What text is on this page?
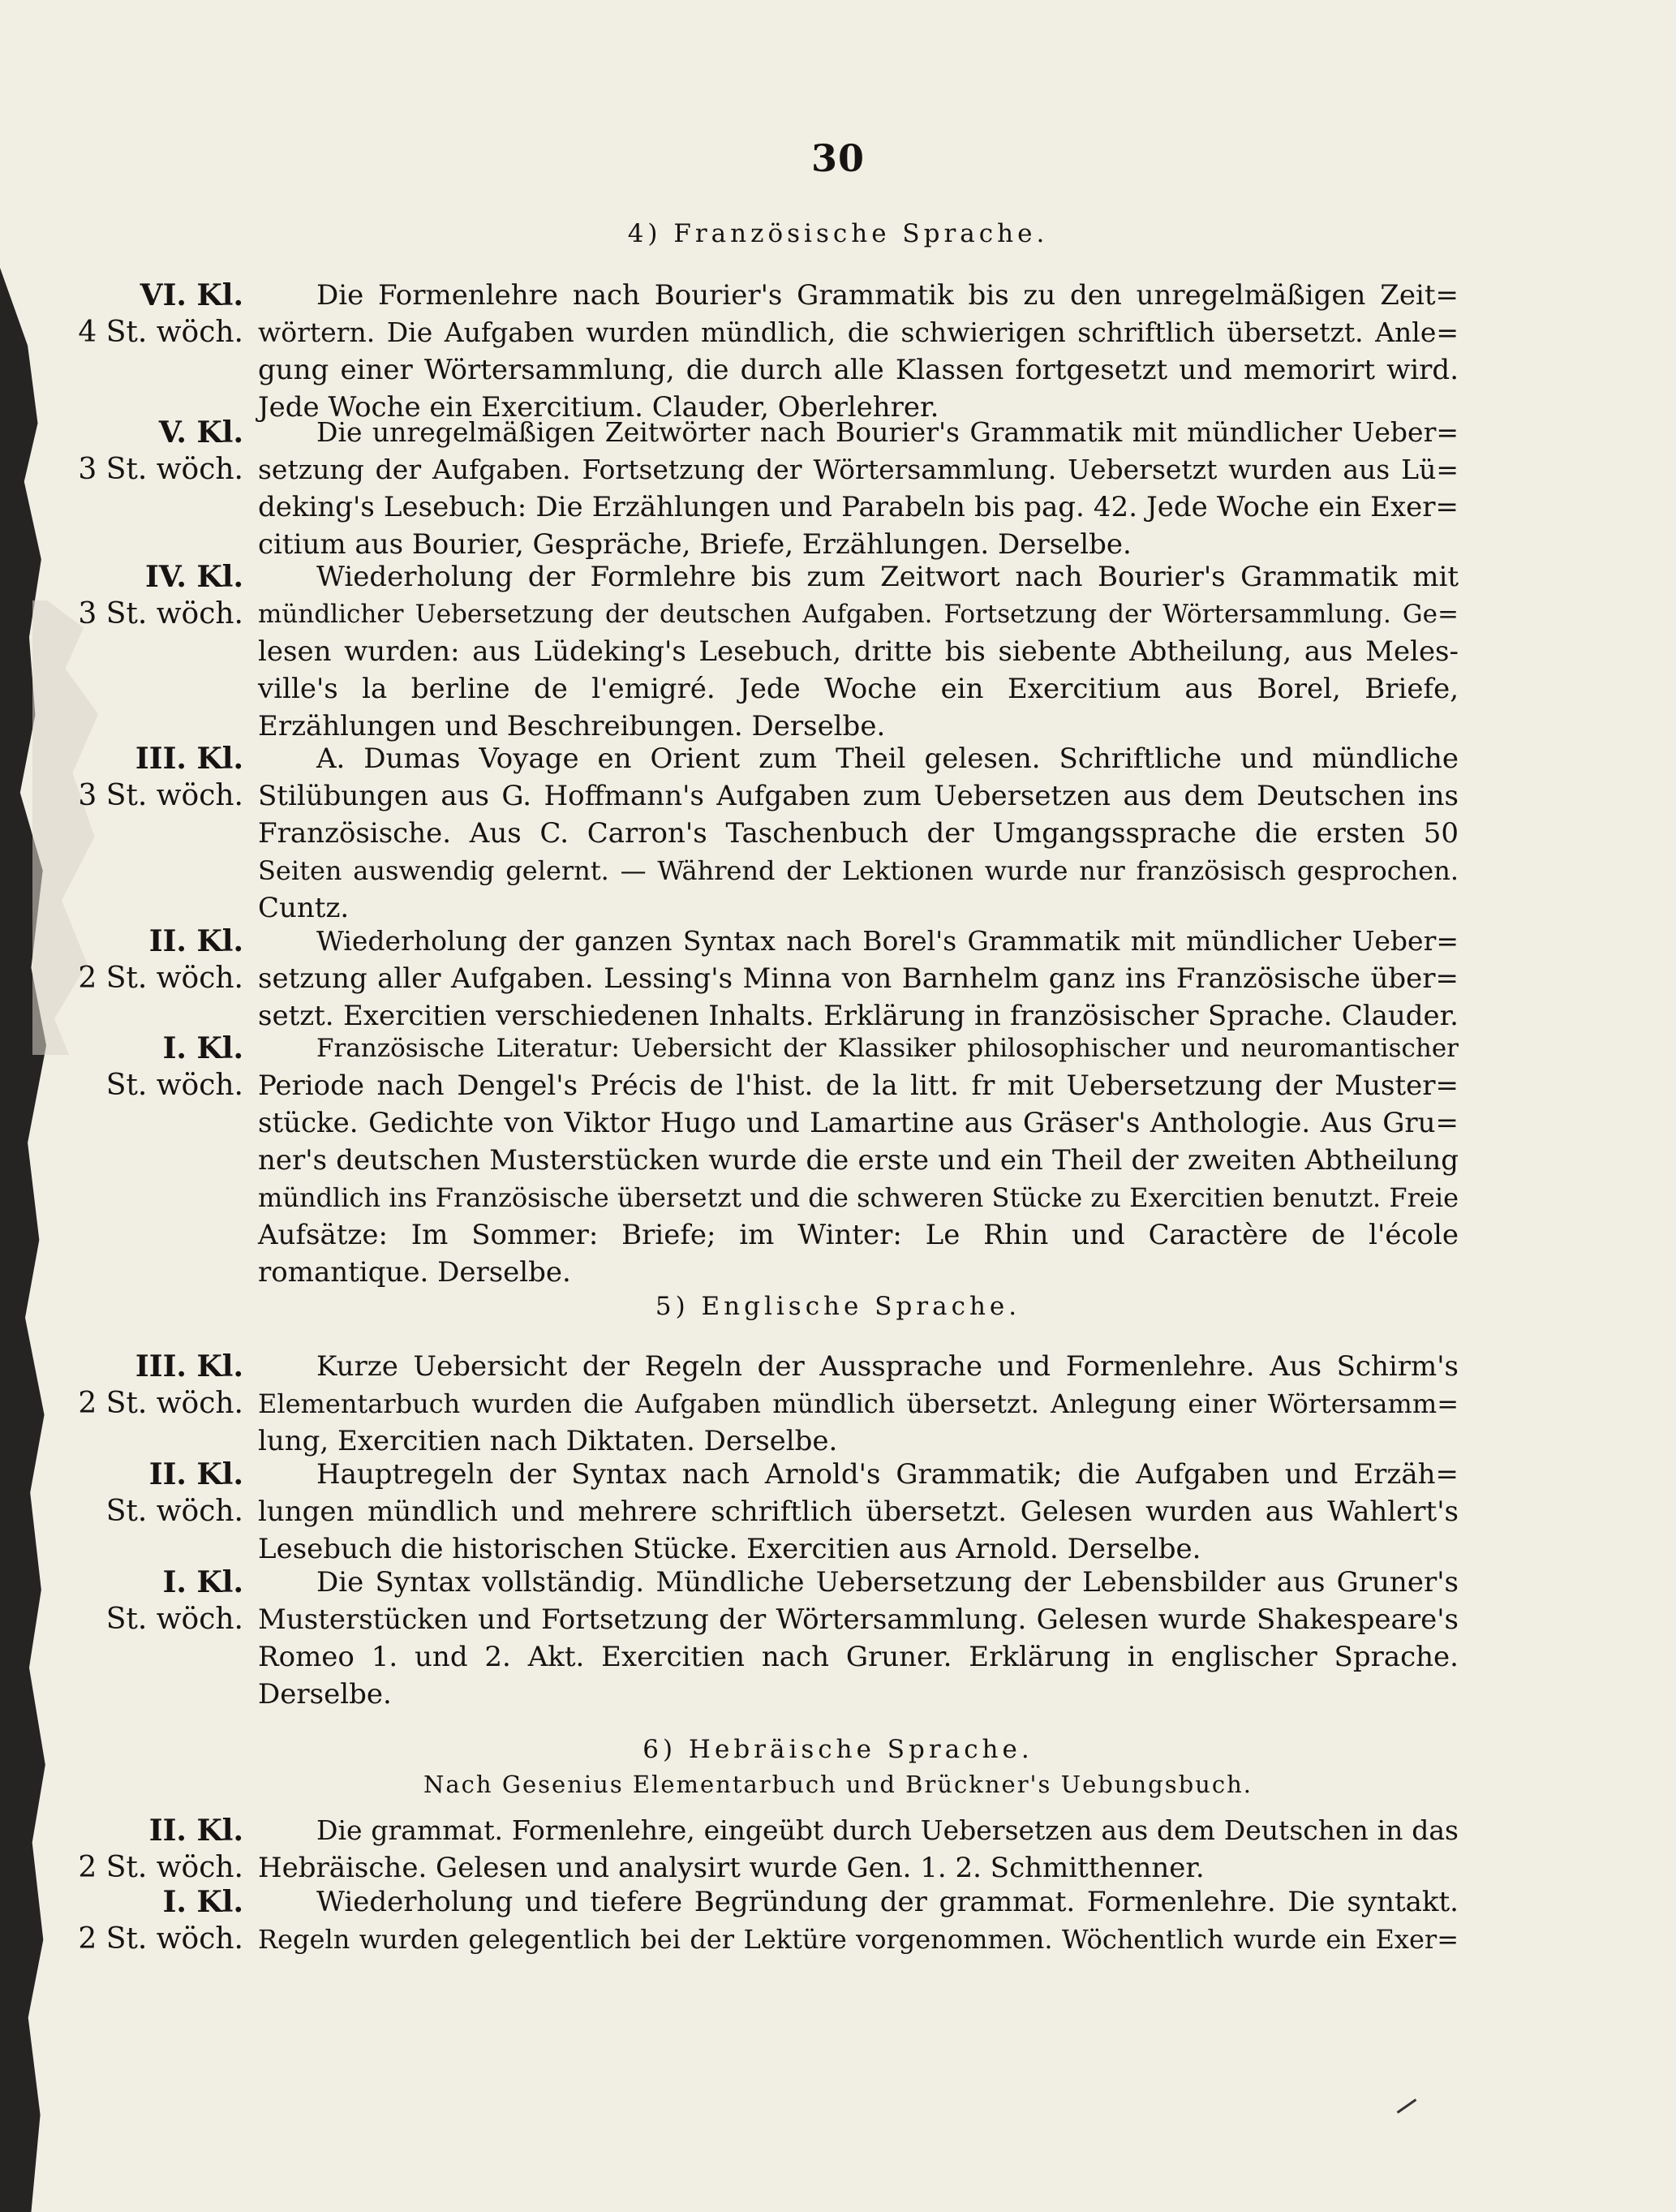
30
4) Französische Sprache.
VI. Kl.
4 St. wöch.
Die Formenlehre nach Bourier's Grammatik bis zu den unregelmäßigen Zeit=
wörtern. Die Aufgaben wurden mündlich, die schwierigen schriftlich übersetzt. Anle=
gung einer Wörtersammlung, die durch alle Klassen fortgesetzt und memorirt wird.
Jede Woche ein Exercitium. Clauder, Oberlehrer.
V. Kl.
3 St. wöch.
Die unregelmäßigen Zeitwörter nach Bourier's Grammatik mit mündlicher Ueber=
setzung der Aufgaben. Fortsetzung der Wörtersammlung. Uebersetzt wurden aus Lü=
deking's Lesebuch: Die Erzählungen und Parabeln bis pag. 42. Jede Woche ein Exer=
citium aus Bourier, Gespräche, Briefe, Erzählungen. Derselbe.
IV. Kl.
3 St. wöch.
Wiederholung der Formlehre bis zum Zeitwort nach Bourier's Grammatik mit
mündlicher Uebersetzung der deutschen Aufgaben. Fortsetzung der Wörtersammlung. Ge=
lesen wurden: aus Lüdeking's Lesebuch, dritte bis siebente Abtheilung, aus Meles-
ville's la berline de l'emigré. Jede Woche ein Exercitium aus Borel, Briefe,
Erzählungen und Beschreibungen. Derselbe.
III. Kl.
3 St. wöch.
A. Dumas Voyage en Orient zum Theil gelesen. Schriftliche und mündliche
Stilübungen aus G. Hoffmann's Aufgaben zum Uebersetzen aus dem Deutschen ins
Französische. Aus C. Carron's Taschenbuch der Umgangssprache die ersten 50
Seiten auswendig gelernt. — Während der Lektionen wurde nur französisch gesprochen.
Cuntz.
II. Kl.
2 St. wöch.
Wiederholung der ganzen Syntax nach Borel's Grammatik mit mündlicher Ueber=
setzung aller Aufgaben. Lessing's Minna von Barnhelm ganz ins Französische über=
setzt. Exercitien verschiedenen Inhalts. Erklärung in französischer Sprache. Clauder.
I. Kl.
St. wöch.
Französische Literatur: Uebersicht der Klassiker philosophischer und neuromantischer
Periode nach Dengel's Précis de l'hist. de la litt. fr mit Uebersetzung der Muster=
stücke. Gedichte von Viktor Hugo und Lamartine aus Gräser's Anthologie. Aus Gru=
ner's deutschen Musterstücken wurde die erste und ein Theil der zweiten Abtheilung
mündlich ins Französische übersetzt und die schweren Stücke zu Exercitien benutzt. Freie
Aufsätze: Im Sommer: Briefe; im Winter: Le Rhin und Caractère de l'école
romantique. Derselbe.
5) Englische Sprache.
III. Kl.
2 St. wöch.
Kurze Uebersicht der Regeln der Aussprache und Formenlehre. Aus Schirm's
Elementarbuch wurden die Aufgaben mündlich übersetzt. Anlegung einer Wörtersamm=
lung, Exercitien nach Diktaten. Derselbe.
II. Kl.
St. wöch.
Hauptregeln der Syntax nach Arnold's Grammatik; die Aufgaben und Erzäh=
lungen mündlich und mehrere schriftlich übersetzt. Gelesen wurden aus Wahlert's
Lesebuch die historischen Stücke. Exercitien aus Arnold. Derselbe.
I. Kl.
St. wöch.
Die Syntax vollständig. Mündliche Uebersetzung der Lebensbilder aus Gruner's
Musterstücken und Fortsetzung der Wörtersammlung. Gelesen wurde Shakespeare's
Romeo 1. und 2. Akt. Exercitien nach Gruner. Erklärung in englischer Sprache.
Derselbe.
6) Hebräische Sprache.
Nach Gesenius Elementarbuch und Brückner's Uebungsbuch.
II. Kl.
2 St. wöch.
Die grammat. Formenlehre, eingeübt durch Uebersetzen aus dem Deutschen in das
Hebräische. Gelesen und analysirt wurde Gen. 1. 2. Schmitthenner.
I. Kl.
2 St. wöch.
Wiederholung und tiefere Begründung der grammat. Formenlehre. Die syntakt.
Regeln wurden gelegentlich bei der Lektüre vorgenommen. Wöchentlich wurde ein Exer=
